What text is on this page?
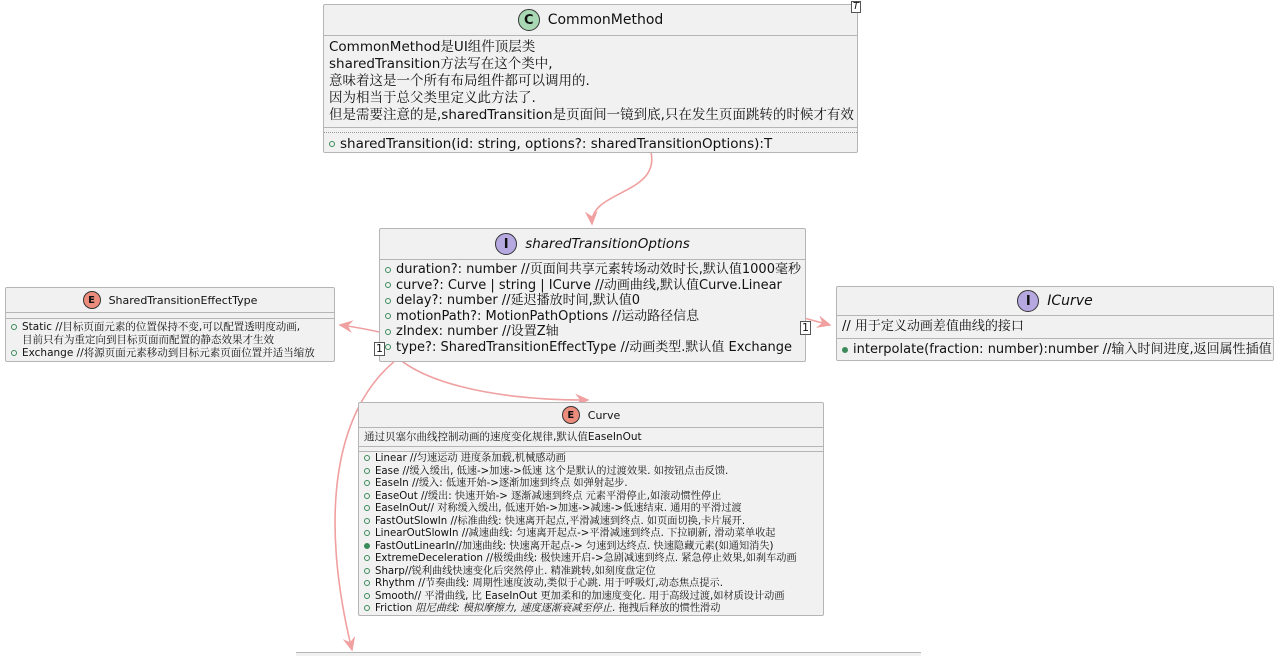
C	CommonMethod
CommonMethod是UI组件顶层类
sharedTransition方法写在这个类中,
意味着这是一个所有布局组件都可以调用的.
因为相当于总父类里定义此方法了.
但是需要注意的是,sharedTransition是页面间一镜到底,只在发生页面跳转的时候才有效
sharedTransition(id: string, options?: sharedTransitionOptions):T
T
I	sharedTransitionOptions
duration?: number //页面间共享元素转场动效时长,默认值1000毫秒
curve?: Curve | string | ICurve //动画曲线,默认值Curve.Linear
delay?: number //延迟播放时间,默认值0
motionPath?: MotionPathOptions //运动路径信息
zIndex: number //设置Z轴
type?: SharedTransitionEffectType //动画类型.默认值 Exchange
E	SharedTransitionEffectType
Static //目标页面元素的位置保持不变,可以配置透明度动画,
目前只有为重定向到目标页面而配置的静态效果才生效
Exchange //将源页面元素移动到目标元素页面位置并适当缩放
I	ICurve
// 用于定义动画差值曲线的接口
interpolate(fraction: number):number //输入时间进度,返回属性插值
E	Curve
通过贝塞尔曲线控制动画的速度变化规律,默认值EaseInOut
Linear //匀速运动 进度条加载,机械感动画
Ease //缓入缓出, 低速->加速->低速 这个是默认的过渡效果. 如按钮点击反馈.
EaseIn //缓入: 低速开始->逐渐加速到终点 如弹射起步.
EaseOut //缓出: 快速开始-> 逐渐减速到终点 元素平滑停止,如滚动惯性停止
EaseInOut// 对称缓入缓出, 低速开始->加速->减速->低速结束. 通用的平滑过渡
FastOutSlowIn //标准曲线: 快速离开起点,平滑减速到终点. 如页面切换,卡片展开.
LinearOutSlowIn //减速曲线: 匀速离开起点->平滑减速到终点. 下拉刷新, 滑动菜单收起
FastOutLinearIn//加速曲线: 快速离开起点-> 匀速到达终点. 快速隐藏元素(如通知消失)
ExtremeDeceleration //极缓曲线: 极快速开启->急剧减速到终点. 紧急停止效果,如刹车动画
Sharp//锐利曲线快速变化后突然停止. 精准跳转,如刻度盘定位
Rhythm //节奏曲线: 周期性速度波动,类似于心跳. 用于呼吸灯,动态焦点提示.
Smooth// 平滑曲线, 比 EaseInOut 更加柔和的加速度变化. 用于高级过渡,如材质设计动画
Friction 阻尼曲线: 模拟摩擦力, 速度逐渐衰减至停止. 拖拽后释放的惯性滑动
1
1
